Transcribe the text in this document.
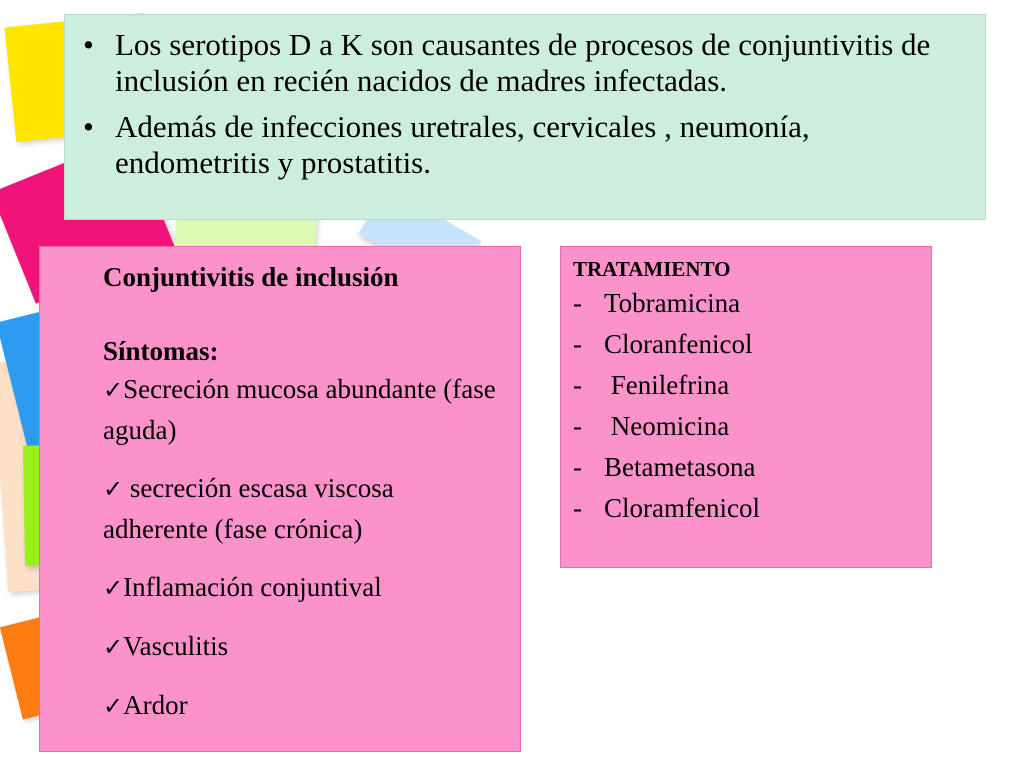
• Los serotipos D a K son causantes de procesos de conjuntivitis de inclusión en recién nacidos de madres infectadas.
• Además de infecciones uretrales, cervicales , neumonía, endometritis y prostatitis.

Conjuntivitis de inclusión

Síntomas:

✓Secreción mucosa abundante (fase aguda)
✓ secreción escasa viscosa adherente (fase crónica)
✓Inflamación conjuntival
✓Vasculitis
✓Ardor

TRATAMIENTO

- Tobramicina
- Cloranfenicol
- Fenilefrina
- Neomicina
- Betametasona
- Cloramfenicol
